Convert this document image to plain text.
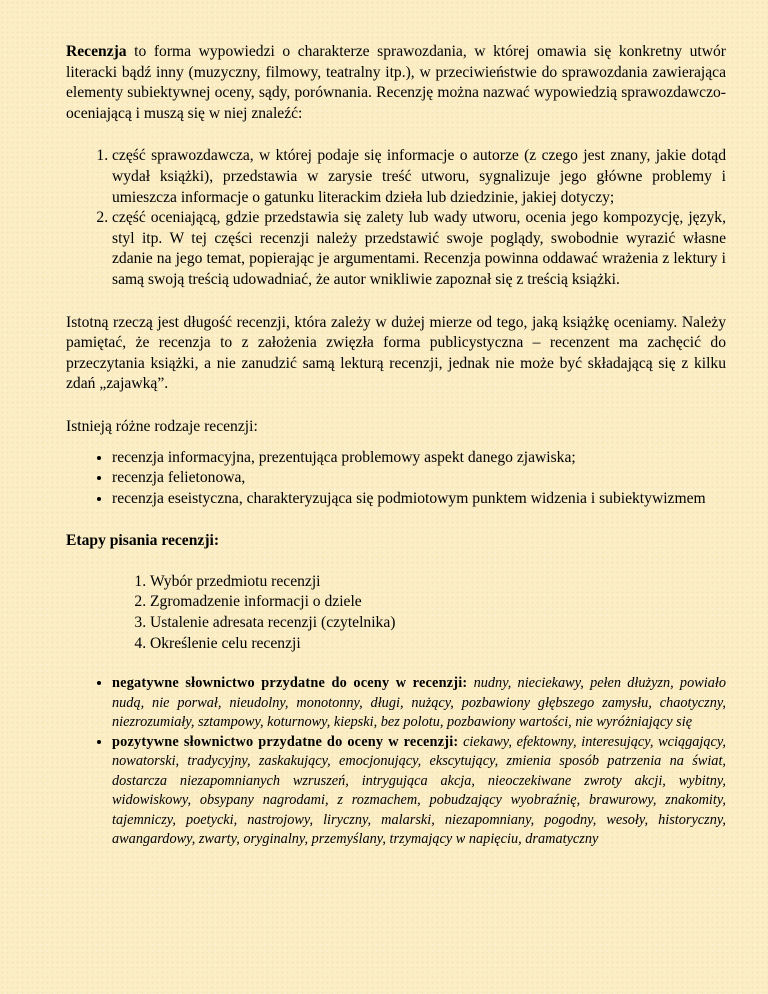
Recenzja to forma wypowiedzi o charakterze sprawozdania, w której omawia się konkretny utwór literacki bądź inny (muzyczny, filmowy, teatralny itp.), w przeciwieństwie do sprawozdania zawierająca elementy subiektywnej oceny, sądy, porównania. Recenzję można nazwać wypowiedzią sprawozdawczo-oceniającą i muszą się w niej znaleźć:

1. część sprawozdawcza, w której podaje się informacje o autorze (z czego jest znany, jakie dotąd wydał książki), przedstawia w zarysie treść utworu, sygnalizuje jego główne problemy i umieszcza informacje o gatunku literackim dzieła lub dziedzinie, jakiej dotyczy;
2. część oceniającą, gdzie przedstawia się zalety lub wady utworu, ocenia jego kompozycję, język, styl itp. W tej części recenzji należy przedstawić swoje poglądy, swobodnie wyrazić własne zdanie na jego temat, popierając je argumentami. Recenzja powinna oddawać wrażenia z lektury i samą swoją treścią udowadniać, że autor wnikliwie zapoznał się z treścią książki.

Istotną rzeczą jest długość recenzji, która zależy w dużej mierze od tego, jaką książkę oceniamy. Należy pamiętać, że recenzja to z założenia zwięzła forma publicystyczna – recenzent ma zachęcić do przeczytania książki, a nie zanudzić samą lekturą recenzji, jednak nie może być składającą się z kilku zdań „zajawką”.

Istnieją różne rodzaje recenzji:

• recenzja informacyjna, prezentująca problemowy aspekt danego zjawiska;
• recenzja felietonowa,
• recenzja eseistyczna, charakteryzująca się podmiotowym punktem widzenia i subiektywizmem
Etapy pisania recenzji:
1. Wybór przedmiotu recenzji
2. Zgromadzenie informacji o dziele
3. Ustalenie adresata recenzji (czytelnika)
4. Określenie celu recenzji
• negatywne słownictwo przydatne do oceny w recenzji: nudny, nieciekawy, pełen dłużyzn, powiało nudą, nie porwał, nieudolny, monotonny, długi, nużący, pozbawiony głębszego zamysłu, chaotyczny, niezrozumiały, sztampowy, koturnowy, kiepski, bez polotu, pozbawiony wartości, nie wyróżniający się
• pozytywne słownictwo przydatne do oceny w recenzji: ciekawy, efektowny, interesujący, wciągający, nowatorski, tradycyjny, zaskakujący, emocjonujący, ekscytujący, zmienia sposób patrzenia na świat, dostarcza niezapomnianych wzruszeń, intrygująca akcja, nieoczekiwane zwroty akcji, wybitny, widowiskowy, obsypany nagrodami, z rozmachem, pobudzający wyobraźnię, brawurowy, znakomity, tajemniczy, poetycki, nastrojowy, liryczny, malarski, niezapomniany, pogodny, wesoły, historyczny, awangardowy, zwarty, oryginalny, przemyślany, trzymający w napięciu, dramatyczny
